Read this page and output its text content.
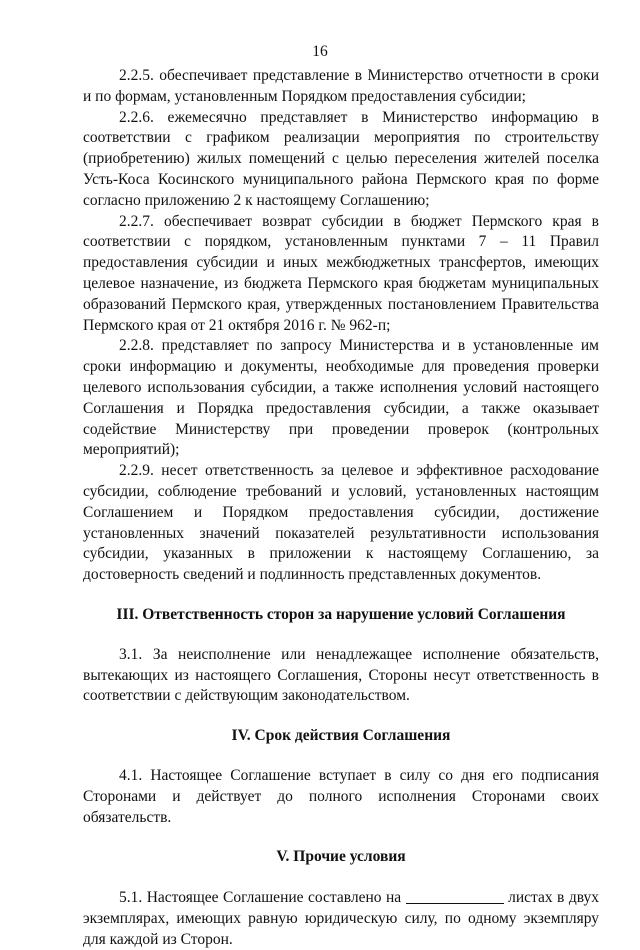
16

2.2.5. обеспечивает представление в Министерство отчетности в сроки и по формам, установленным Порядком предоставления субсидии;

2.2.6. ежемесячно представляет в Министерство информацию в соответствии с графиком реализации мероприятия по строительству (приобретению) жилых помещений с целью переселения жителей поселка Усть-Коса Косинского муниципального района Пермского края по форме согласно приложению 2 к настоящему Соглашению;

2.2.7. обеспечивает возврат субсидии в бюджет Пермского края в соответствии с порядком, установленным пунктами 7 – 11 Правил предоставления субсидии и иных межбюджетных трансфертов, имеющих целевое назначение, из бюджета Пермского края бюджетам муниципальных образований Пермского края, утвержденных постановлением Правительства Пермского края от 21 октября 2016 г. № 962-п;

2.2.8. представляет по запросу Министерства и в установленные им сроки информацию и документы, необходимые для проведения проверки целевого использования субсидии, а также исполнения условий настоящего Соглашения и Порядка предоставления субсидии, а также оказывает содействие Министерству при проведении проверок (контрольных мероприятий);

2.2.9. несет ответственность за целевое и эффективное расходование субсидии, соблюдение требований и условий, установленных настоящим Соглашением и Порядком предоставления субсидии, достижение установленных значений показателей результативности использования субсидии, указанных в приложении к настоящему Соглашению, за достоверность сведений и подлинность представленных документов.

III. Ответственность сторон за нарушение условий Соглашения

3.1. За неисполнение или ненадлежащее исполнение обязательств, вытекающих из настоящего Соглашения, Стороны несут ответственность в соответствии с действующим законодательством.

IV. Срок действия Соглашения

4.1. Настоящее Соглашение вступает в силу со дня его подписания Сторонами и действует до полного исполнения Сторонами своих обязательств.

V. Прочие условия

5.1. Настоящее Соглашение составлено на	листах в двух экземплярах, имеющих равную юридическую силу, по одному экземпляру для каждой из Сторон.
